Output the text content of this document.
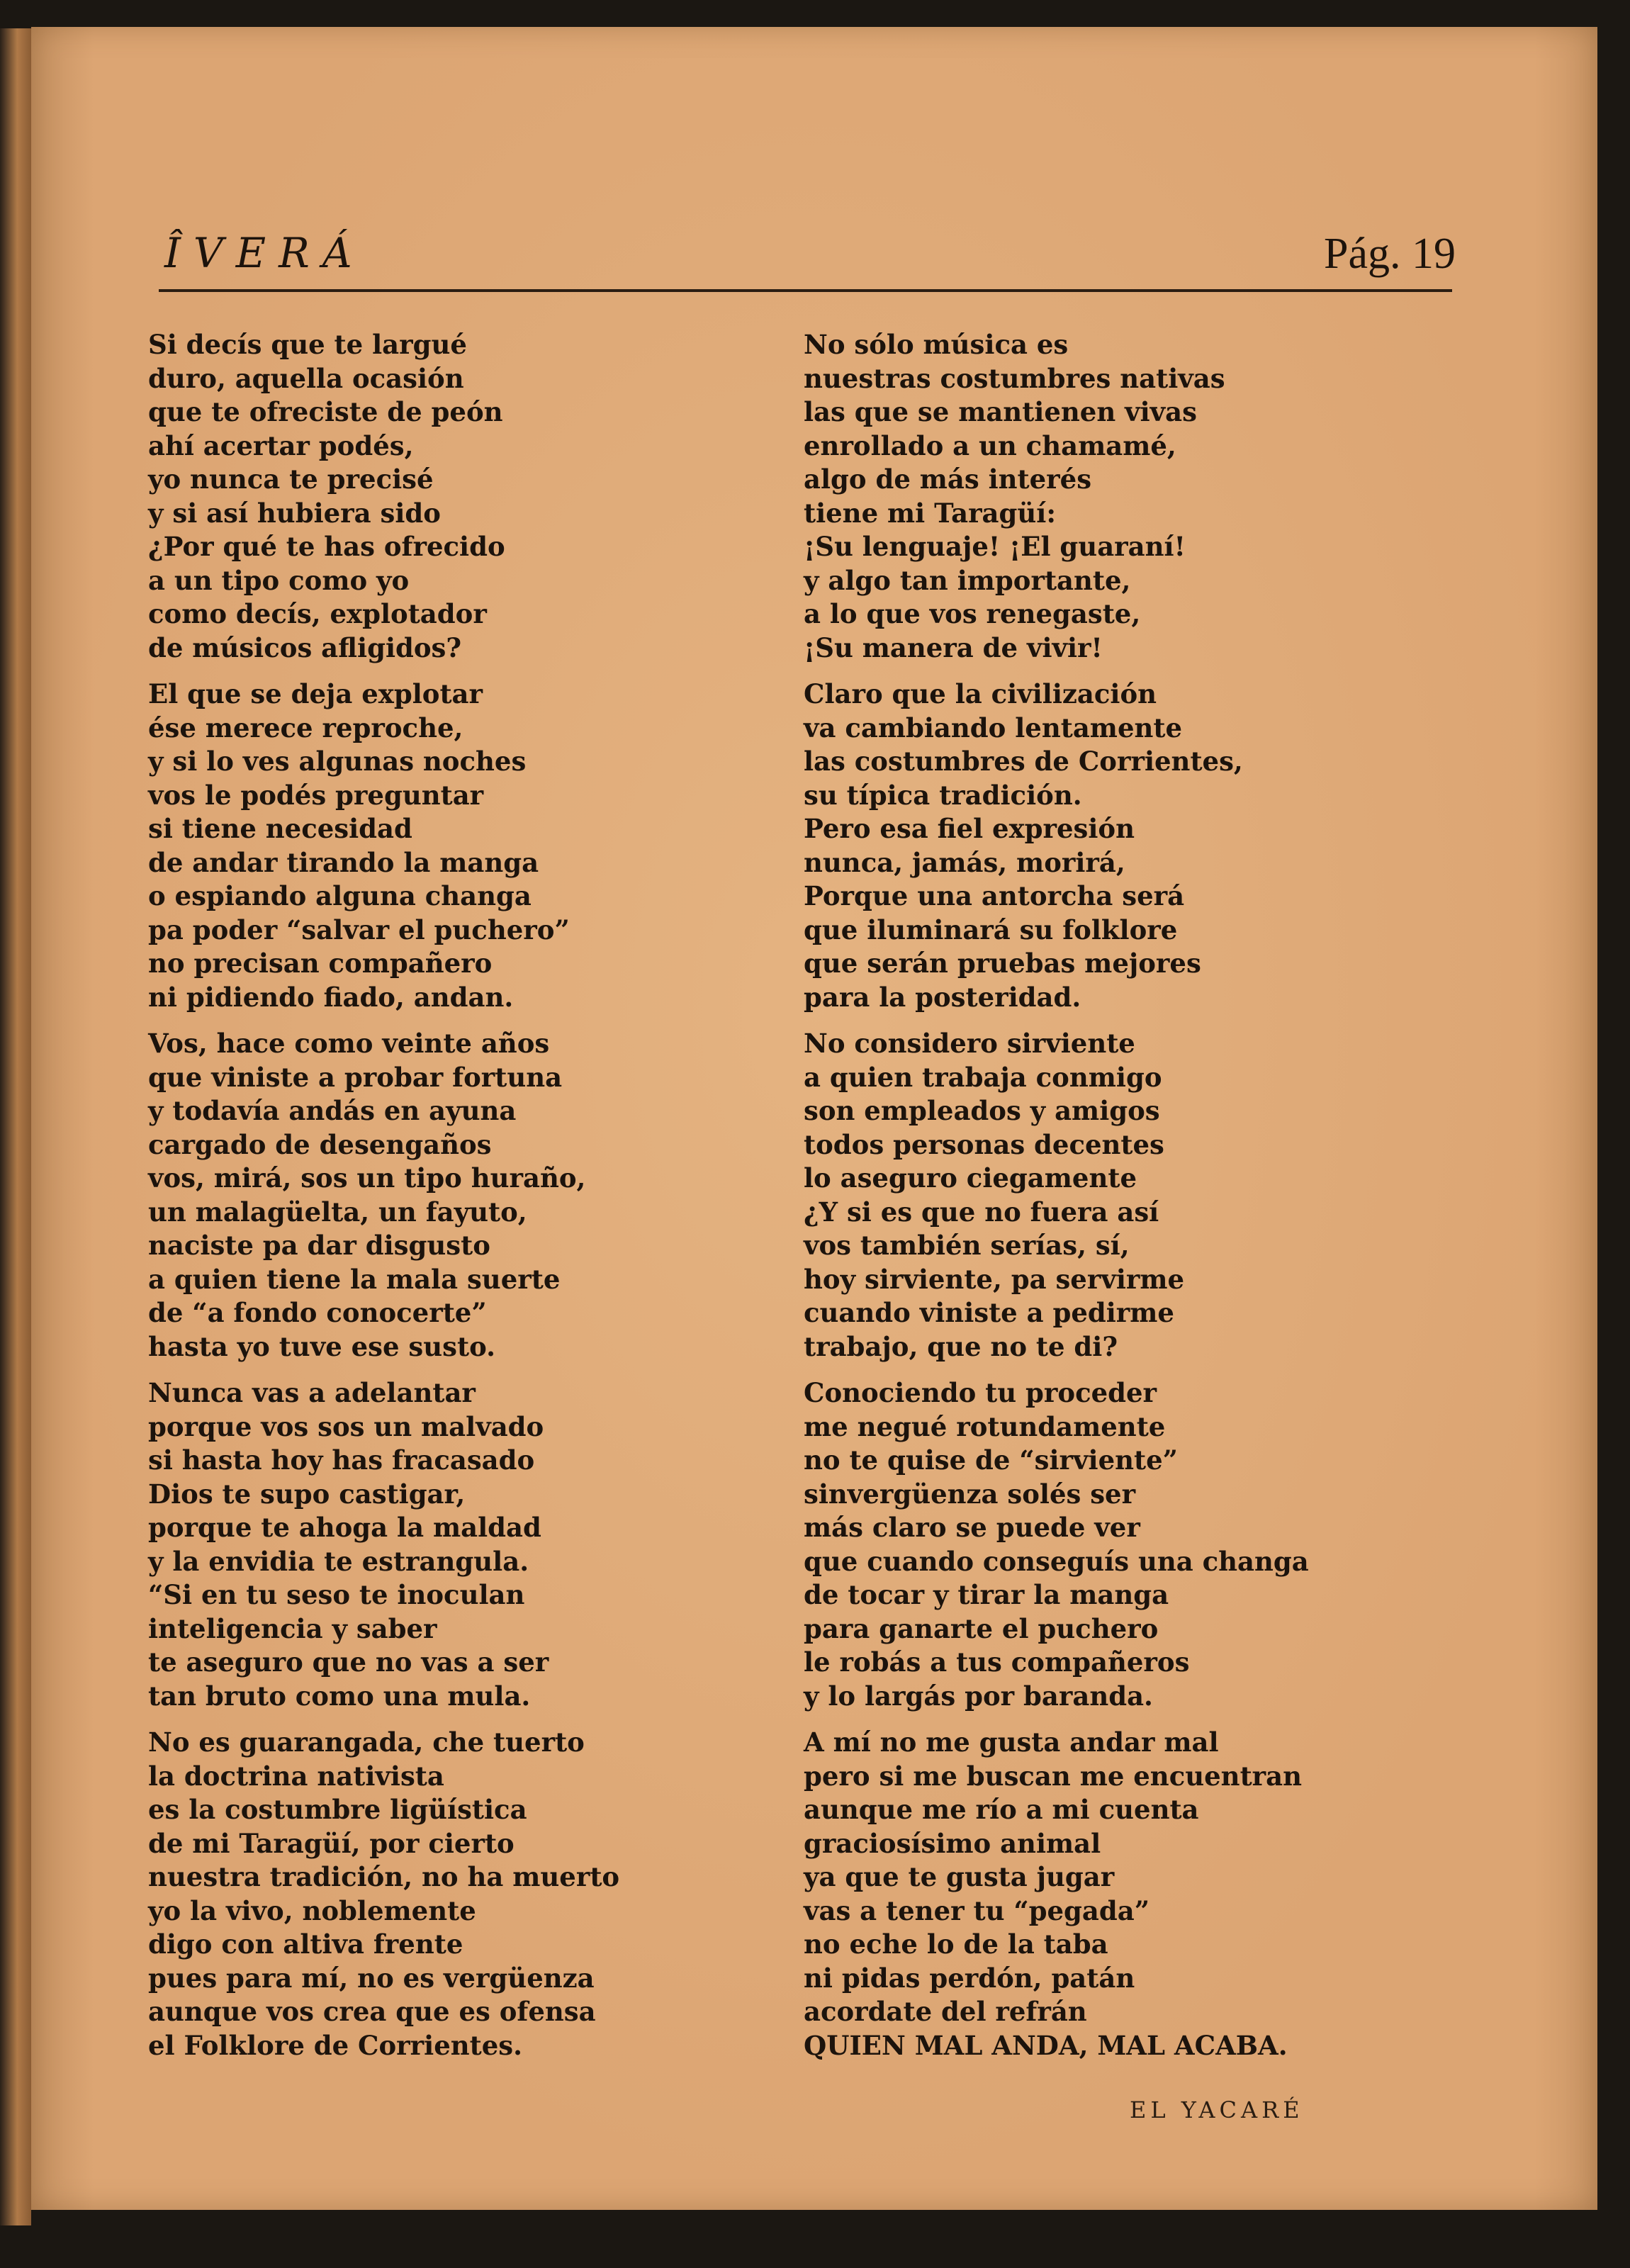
ÎVERÁ	Pág. 19
Si decís que te largué
duro, aquella ocasión
que te ofreciste de peón
ahí acertar podés,
yo nunca te precisé
y si así hubiera sido
¿Por qué te has ofrecido
a un tipo como yo
como decís, explotador
de músicos afligidos?
El que se deja explotar
ése merece reproche,
y si lo ves algunas noches
vos le podés preguntar
si tiene necesidad
de andar tirando la manga
o espiando alguna changa
pa poder “salvar el puchero”
no precisan compañero
ni pidiendo fiado, andan.
Vos, hace como veinte años
que viniste a probar fortuna
y todavía andás en ayuna
cargado de desengaños
vos, mirá, sos un tipo huraño,
un malagüelta, un fayuto,
naciste pa dar disgusto
a quien tiene la mala suerte
de “a fondo conocerte”
hasta yo tuve ese susto.
Nunca vas a adelantar
porque vos sos un malvado
si hasta hoy has fracasado
Dios te supo castigar,
porque te ahoga la maldad
y la envidia te estrangula.
“Si en tu seso te inoculan
inteligencia y saber
te aseguro que no vas a ser
tan bruto como una mula.
No es guarangada, che tuerto
la doctrina nativista
es la costumbre ligüística
de mi Taragüí, por cierto
nuestra tradición, no ha muerto
yo la vivo, noblemente
digo con altiva frente
pues para mí, no es vergüenza
aunque vos crea que es ofensa
el Folklore de Corrientes.
No sólo música es
nuestras costumbres nativas
las que se mantienen vivas
enrollado a un chamamé,
algo de más interés
tiene mi Taragüí:
¡Su lenguaje! ¡El guaraní!
y algo tan importante,
a lo que vos renegaste,
¡Su manera de vivir!
Claro que la civilización
va cambiando lentamente
las costumbres de Corrientes,
su típica tradición.
Pero esa fiel expresión
nunca, jamás, morirá,
Porque una antorcha será
que iluminará su folklore
que serán pruebas mejores
para la posteridad.
No considero sirviente
a quien trabaja conmigo
son empleados y amigos
todos personas decentes
lo aseguro ciegamente
¿Y si es que no fuera así
vos también serías, sí,
hoy sirviente, pa servirme
cuando viniste a pedirme
trabajo, que no te di?
Conociendo tu proceder
me negué rotundamente
no te quise de “sirviente”
sinvergüenza solés ser
más claro se puede ver
que cuando conseguís una changa
de tocar y tirar la manga
para ganarte el puchero
le robás a tus compañeros
y lo largás por baranda.
A mí no me gusta andar mal
pero si me buscan me encuentran
aunque me río a mi cuenta
graciosísimo animal
ya que te gusta jugar
vas a tener tu “pegada”
no eche lo de la taba
ni pidas perdón, patán
acordate del refrán
QUIEN MAL ANDA, MAL ACABA.
EL YACARÉ
